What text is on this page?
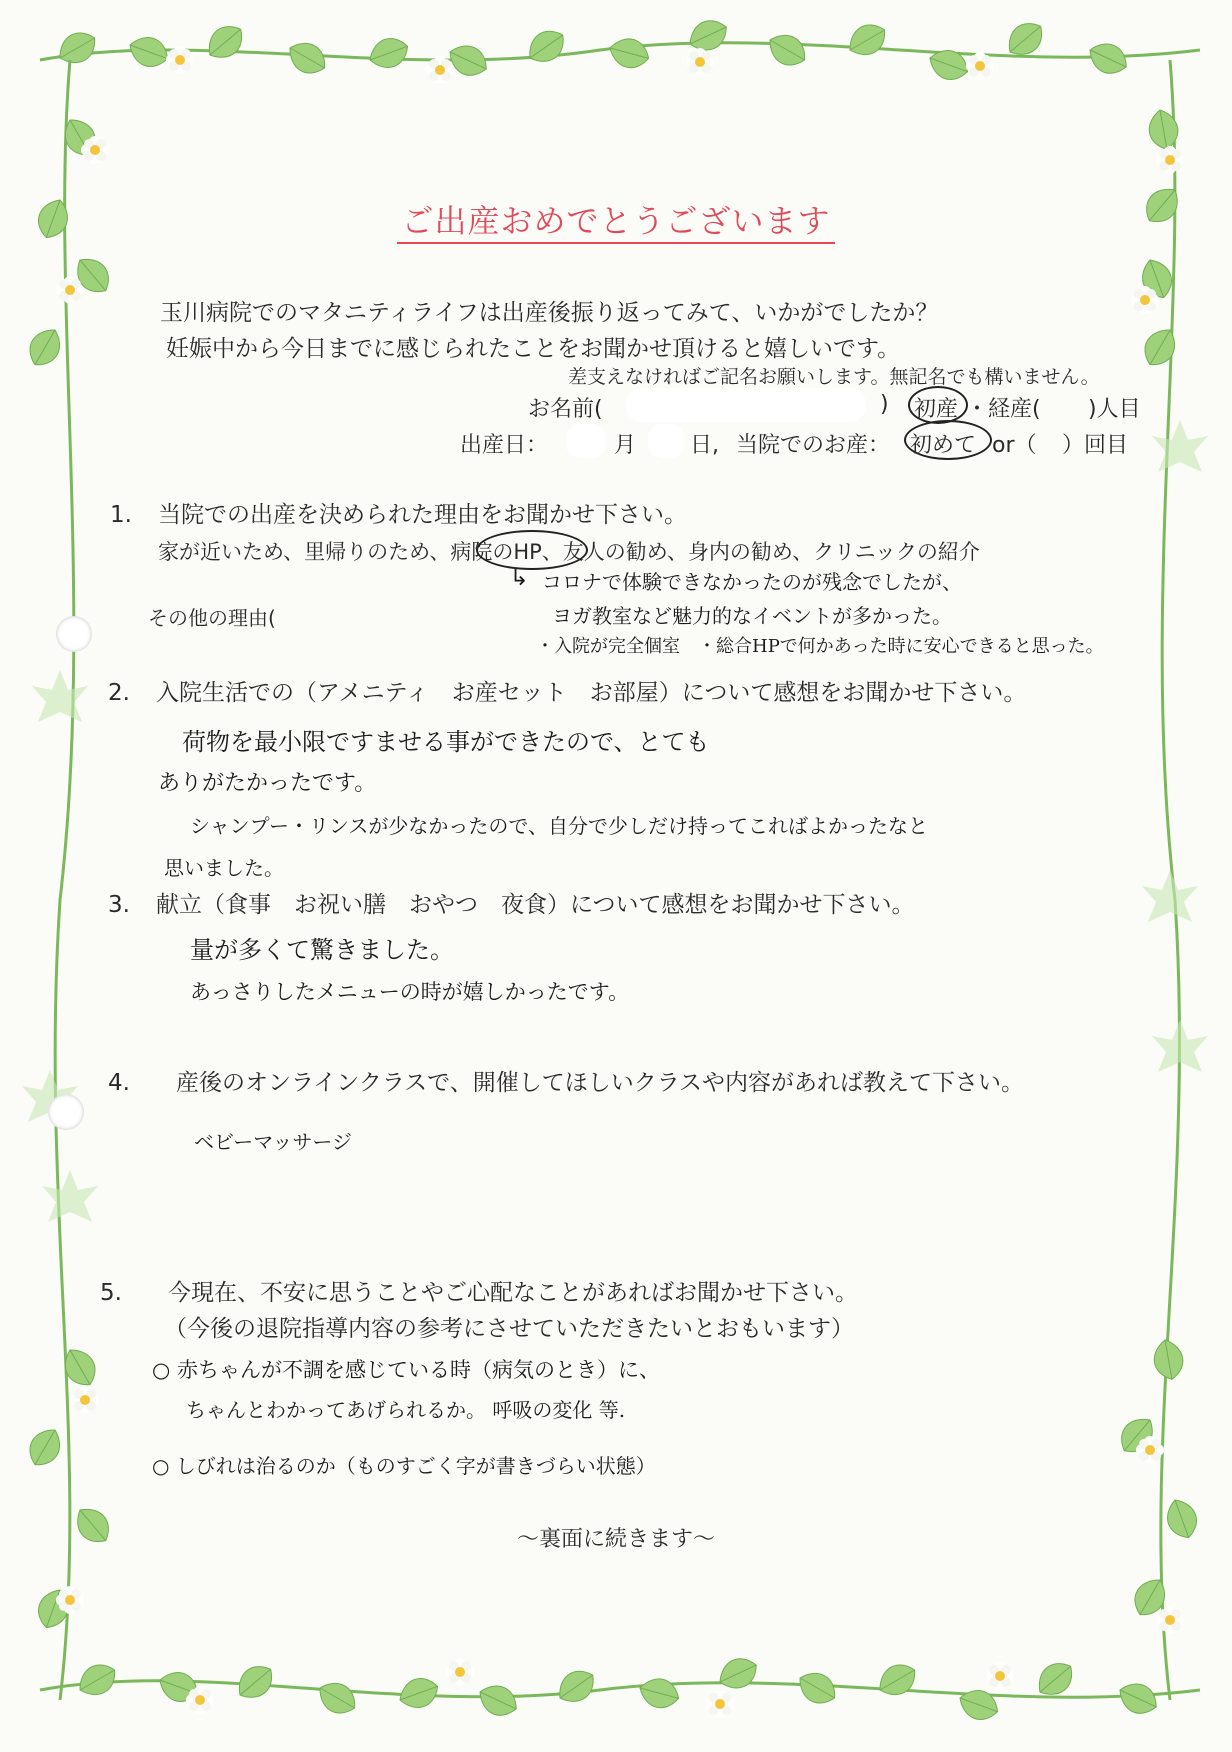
ご出産おめでとうございます
玉川病院でのマタニティライフは出産後振り返ってみて、いかがでしたか？
妊娠中から今日までに感じられたことをお聞かせ頂けると嬉しいです。
差支えなければご記名お願いします。無記名でも構いません。
お名前(	) 初産 ・ 経産( )人目
出産日：	月 日, 当院でのお産： 初めて or（ ）回目
1. 当院での出産を決められた理由をお聞かせ下さい。
家が近いため、里帰りのため、病院のHP、友人の勧め、身内の勧め、クリニックの紹介
↳ コロナで体験できなかったのが残念でしたが、
その他の理由(	ヨガ教室など魅力的なイベントが多かった。
・入院が完全個室　・総合HPで何かあった時に安心できると思った。
2. 入院生活での（アメニティ　お産セット　お部屋）について感想をお聞かせ下さい。
荷物を最小限ですませる事ができたので、とても
ありがたかったです。
シャンプー・リンスが少なかったので、自分で少しだけ持ってこればよかったなと
思いました。
3. 献立（食事　お祝い膳　おやつ　夜食）について感想をお聞かせ下さい。
量が多くて驚きました。
あっさりしたメニューの時が嬉しかったです。
4. 産後のオンラインクラスで、開催してほしいクラスや内容があれば教えて下さい。
ベビーマッサージ
5. 今現在、不安に思うことやご心配なことがあればお聞かせ下さい。
（今後の退院指導内容の参考にさせていただきたいとおもいます）
○ 赤ちゃんが不調を感じている時（病気のとき）に、
ちゃんとわかってあげられるか。 呼吸の変化 等.
○ しびれは治るのか（ものすごく字が書きづらい状態）
〜裏面に続きます〜
